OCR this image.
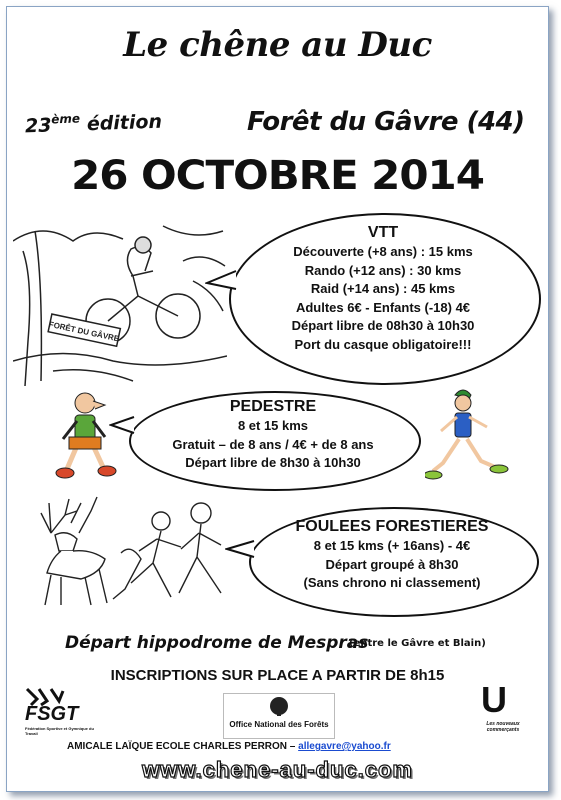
Le chêne au Duc
23ème édition	Forêt du Gâvre (44)
26 OCTOBRE 2014
FORÊT DU GÂVRE
VTT
Découverte (+8 ans) : 15 kms
Rando (+12 ans) : 30 kms
Raid (+14 ans) : 45 kms
Adultes 6€ - Enfants (-18) 4€
Départ libre de 08h30 à 10h30
Port du casque obligatoire!!!
PEDESTRE
8 et 15 kms
Gratuit – de 8 ans / 4€ + de 8 ans
Départ libre de 8h30 à 10h30
FOULEES FORESTIERES
8 et 15 kms (+ 16ans) - 4€
Départ groupé à 8h30
(Sans chrono ni classement)
Départ hippodrome de Mespras
(entre le Gâvre et Blain)
INSCRIPTIONS SUR PLACE A PARTIR DE 8h15
FSGT
Fédération Sportive et Gymnique du Travail
Office National des Forêts
U
Les nouveaux commerçants
AMICALE LAÏQUE ECOLE CHARLES PERRON – allegavre@yahoo.fr
www.chene-au-duc.com
